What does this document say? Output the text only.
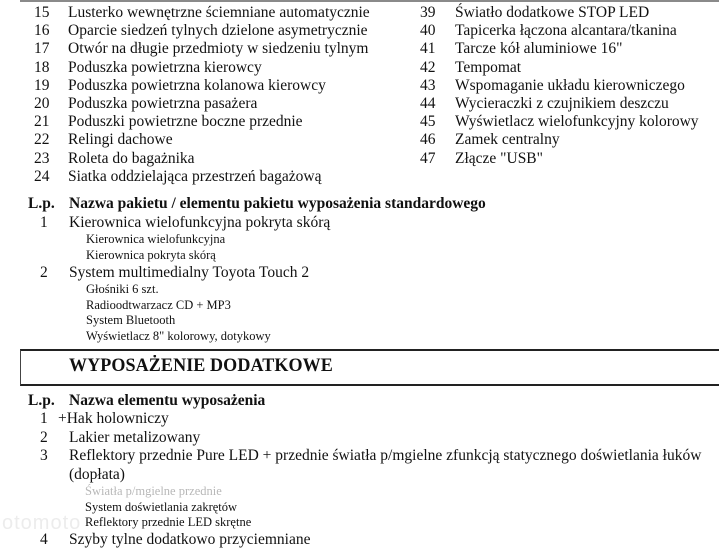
15	Lusterko wewnętrzne ściemniane automatycznie
16	Oparcie siedzeń tylnych dzielone asymetrycznie
17	Otwór na długie przedmioty w siedzeniu tylnym
18	Poduszka powietrzna kierowcy
19	Poduszka powietrzna kolanowa kierowcy
20	Poduszka powietrzna pasażera
21	Poduszki powietrzne boczne przednie
22	Relingi dachowe
23	Roleta do bagażnika
24	Siatka oddzielająca przestrzeń bagażową
39	Światło dodatkowe STOP LED
40	Tapicerka łączona alcantara/tkanina
41	Tarcze kół aluminiowe 16"
42	Tempomat
43	Wspomaganie układu kierowniczego
44	Wycieraczki z czujnikiem deszczu
45	Wyświetlacz wielofunkcyjny kolorowy
46	Zamek centralny
47	Złącze "USB"
L.p. Nazwa pakietu / elementu pakietu wyposażenia standardowego
1	Kierownica wielofunkcyjna pokryta skórą
Kierownica wielofunkcyjna
Kierownica pokryta skórą
2	System multimedialny Toyota Touch 2
Głośniki 6 szt.
Radioodtwarzacz CD + MP3
System Bluetooth
Wyświetlacz 8" kolorowy, dotykowy
WYPOSAŻENIE DODATKOWE
L.p. Nazwa elementu wyposażenia
1 +Hak holowniczy
2	Lakier metalizowany
3	Reflektory przednie Pure LED + przednie światła p/mgielne zfunkcją statycznego doświetlania łuków
(dopłata)
Światła p/mgielne przednie
System doświetlania zakrętów
Reflektory przednie LED skrętne
4	Szyby tylne dodatkowo przyciemniane
otomoto
